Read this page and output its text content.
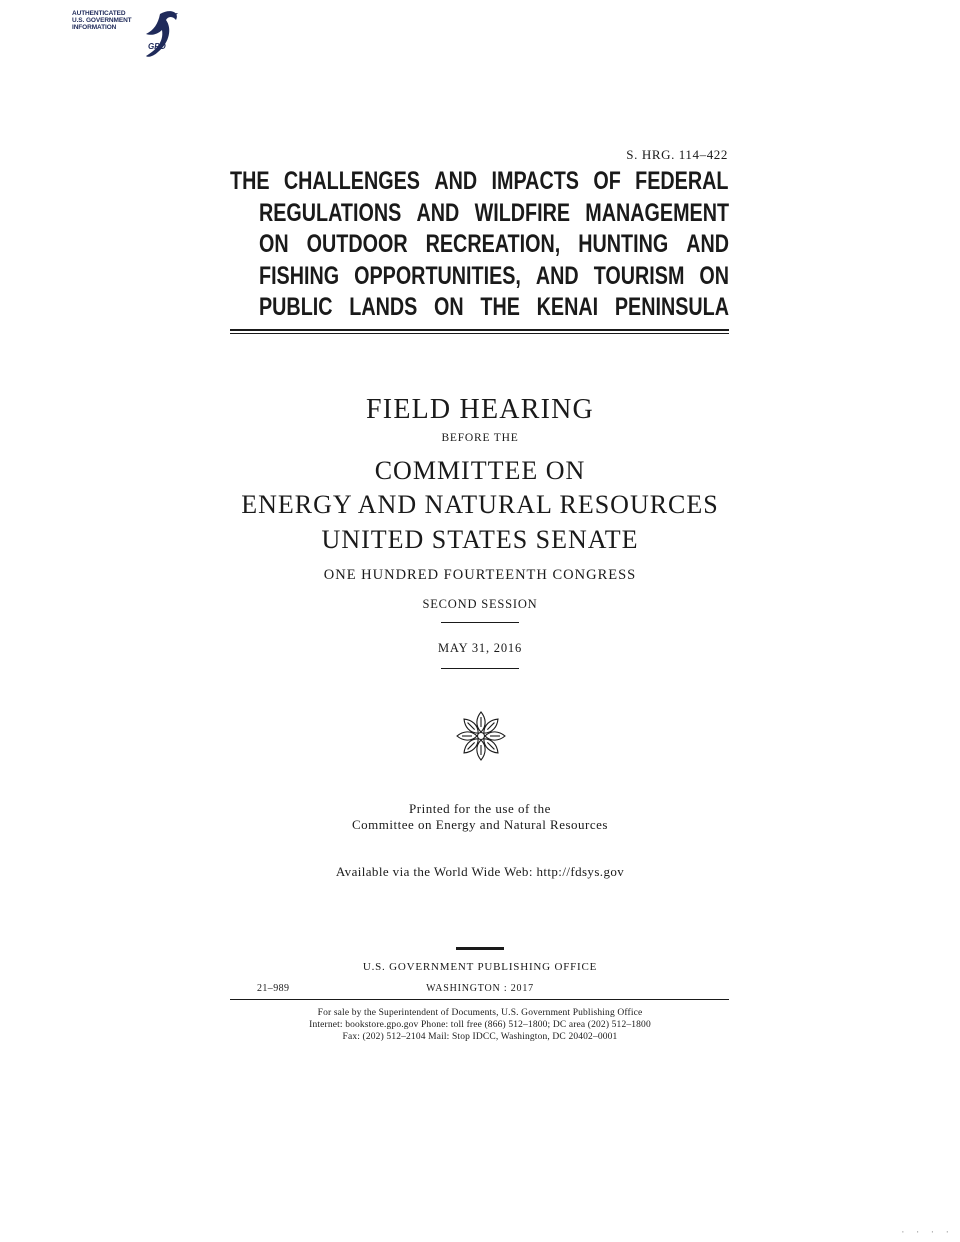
AUTHENTICATED
U.S. GOVERNMENT
INFORMATION
GPO
S. HRG. 114–422
THE CHALLENGES AND IMPACTS OF FEDERAL
REGULATIONS AND WILDFIRE MANAGEMENT
ON OUTDOOR RECREATION, HUNTING AND
FISHING OPPORTUNITIES, AND TOURISM ON
PUBLIC LANDS ON THE KENAI PENINSULA
FIELD HEARING
BEFORE THE
COMMITTEE ON
ENERGY AND NATURAL RESOURCES
UNITED STATES SENATE
ONE HUNDRED FOURTEENTH CONGRESS
SECOND SESSION
MAY 31, 2016
Printed for the use of the
Committee on Energy and Natural Resources
Available via the World Wide Web: http://fdsys.gov
U.S. GOVERNMENT PUBLISHING OFFICE
21–989	WASHINGTON : 2017
For sale by the Superintendent of Documents, U.S. Government Publishing Office
Internet: bookstore.gpo.gov Phone: toll free (866) 512–1800; DC area (202) 512–1800
Fax: (202) 512–2104 Mail: Stop IDCC, Washington, DC 20402–0001
· · · ·
